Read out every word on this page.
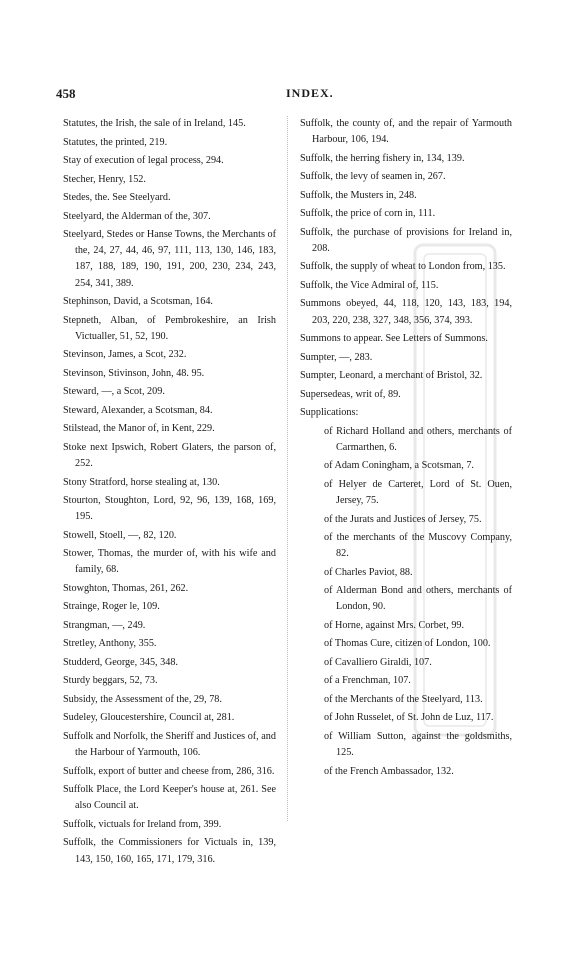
458	INDEX.

Statutes, the Irish, the sale of in Ireland, 145.

Statutes, the printed, 219.

Stay of execution of legal process, 294.

Stecher, Henry, 152.

Stedes, the. See Steelyard.

Steelyard, the Alderman of the, 307.

Steelyard, Stedes or Hanse Towns, the Merchants of the, 24, 27, 44, 46, 97, 111, 113, 130, 146, 183, 187, 188, 189, 190, 191, 200, 230, 234, 243, 254, 341, 389.

Stephinson, David, a Scotsman, 164.

Stepneth, Alban, of Pembrokeshire, an Irish Victualler, 51, 52, 190.

Stevinson, James, a Scot, 232.

Stevinson, Stivinson, John, 48. 95.

Steward, —, a Scot, 209.

Steward, Alexander, a Scotsman, 84.

Stilstead, the Manor of, in Kent, 229.

Stoke next Ipswich, Robert Glaters, the parson of, 252.

Stony Stratford, horse stealing at, 130.

Stourton, Stoughton, Lord, 92, 96, 139, 168, 169, 195.

Stowell, Stoell, —, 82, 120.

Stower, Thomas, the murder of, with his wife and family, 68.

Stowghton, Thomas, 261, 262.

Strainge, Roger le, 109.

Strangman, —, 249.

Stretley, Anthony, 355.

Studderd, George, 345, 348.

Sturdy beggars, 52, 73.

Subsidy, the Assessment of the, 29, 78.

Sudeley, Gloucestershire, Council at, 281.

Suffolk and Norfolk, the Sheriff and Justices of, and the Harbour of Yarmouth, 106.

Suffolk, export of butter and cheese from, 286, 316.

Suffolk Place, the Lord Keeper's house at, 261. See also Council at.

Suffolk, victuals for Ireland from, 399.

Suffolk, the Commissioners for Victuals in, 139, 143, 150, 160, 165, 171, 179, 316.

Suffolk, the county of, and the repair of Yarmouth Harbour, 106, 194.

Suffolk, the herring fishery in, 134, 139.

Suffolk, the levy of seamen in, 267.

Suffolk, the Musters in, 248.

Suffolk, the price of corn in, 111.

Suffolk, the purchase of provisions for Ireland in, 208.

Suffolk, the supply of wheat to London from, 135.

Suffolk, the Vice Admiral of, 115.

Summons obeyed, 44, 118, 120, 143, 183, 194, 203, 220, 238, 327, 348, 356, 374, 393.

Summons to appear. See Letters of Summons.

Sumpter, —, 283.

Sumpter, Leonard, a merchant of Bristol, 32.

Supersedeas, writ of, 89.

Supplications:

of Richard Holland and others, merchants of Carmarthen, 6.

of Adam Coningham, a Scotsman, 7.

of Helyer de Carteret, Lord of St. Ouen, Jersey, 75.

of the Jurats and Justices of Jersey, 75.

of the merchants of the Muscovy Company, 82.

of Charles Paviot, 88.

of Alderman Bond and others, merchants of London, 90.

of Horne, against Mrs. Corbet, 99.

of Thomas Cure, citizen of London, 100.

of Cavalliero Giraldi, 107.

of a Frenchman, 107.

of the Merchants of the Steelyard, 113.

of John Russelet, of St. John de Luz, 117.

of William Sutton, against the goldsmiths, 125.

of the French Ambassador, 132.
